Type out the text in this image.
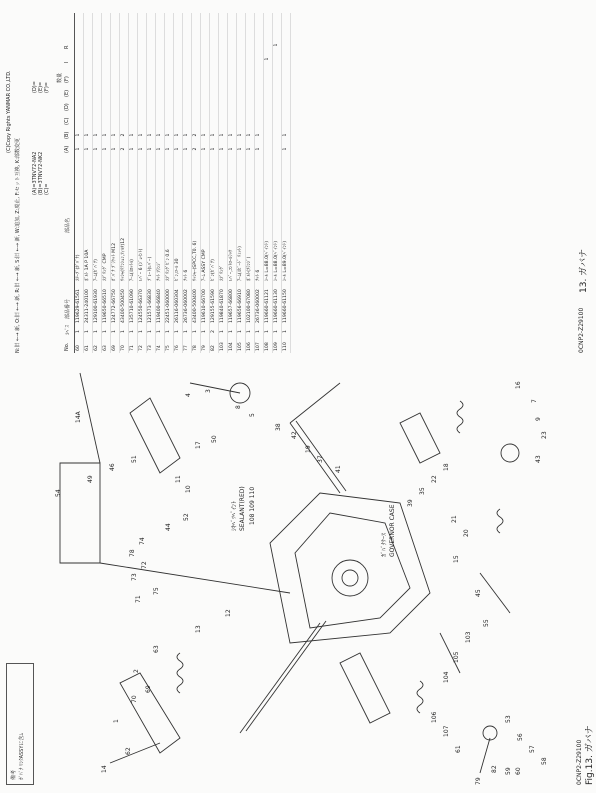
0CNP2-Z29100 Fig.13. ガバナ
0CNP2-Z29100
13. ガバナ
14
62
1
70
69
2
63
13
12
71
75
73
72
78
74
44
52
54
49
46
51
17
50
14A
4
3
8
5
38
42
19
37
41
11
10
39
35
22
18
21
20
15
45
55
103
105
104
106
107
61
53
56
57
58
59 60
79
82
43
23
9
7
16
ｼｷﾍﾞﾂﾍﾟｲﾝﾄ SEALANT(RED) 108 109 110
ｶﾞﾊﾞﾅｹｰｽ GOVERNOR CASE
(A)=3TNV72-NA2 (B)=3TNV72-NK2 (C)=
(D)= (E)= (F)=
No.
ｺﾍﾞｽ
部品番号
部品名
数量
(A)
(B)
(C)
(D)
(E)
(F)
I
R
60
1
119629-61561
ｽﾘｰﾌﾞ(ｶﾞﾊﾞﾅ)
1
1
61
1
24311-240100
ﾎﾞﾙﾄ 1A P 10A
1
1
62
1
129100-61930
ｱｰﾑ(ｶﾞﾊﾞﾅ)
1
1
63
1
119650-66510
ｽﾌﾟﾘﾝｸﾞ CMP
1
1
69
1
124772-66750
ｶﾞﾊﾞﾅ ﾌﾞﾗｹｯﾄ M12
1
1
70
1
43400-500450
ﾜｯｼｬ(ﾘﾃﾝｼｮﾝ,ﾌｨﾙﾀ)12
2
2
71
1
135710-61090
ｱｰﾑ(ｽﾛｯﾄﾙ)
1
1
72
1
124550-66370
ﾚﾊﾞｰ 6 (ｼﾞｮｲﾝﾄ)
1
1
73
1
121571-66830
ﾌﾟﾚｰﾄ(ﾚﾊﾞｰ)
1
1
74
1
119400-66840
ﾅｯﾄ ﾌﾗﾝｼﾞ
1
1
75
1
22451-060000
ｽﾌﾟﾘﾝｸﾞﾋﾟﾝ 0.6
1
1
76
1
26116-060304
ﾋﾟﾝ,ﾛｰﾙ 30
1
1
77
1
26736-060002
ﾅｯﾄ 6
1
1
78
1
43400-500400
ﾜｯｼｬｰ(SPCC,T0. 6)
2
2
79
1
119610-66700
ｱｰﾑ ASSY CMP
1
1
82
2
129155-61590
ﾋﾟﾝ(ｶﾞﾊﾞﾅ)
1
1
103
1
119840-61870
ｽﾌﾟﾘﾝｸﾞ
1
1
104
1
119657-66800
ﾚﾊﾞｰ,ｺﾝﾄﾛｰﾙﾗｯｸ
1
1
105
1
119656-66910
ｱｰﾑ(ｽﾋﾟｰﾄﾞ ﾘﾐｯﾄ)
1
1
106
1
102100-67080
ﾎﾞﾙﾄ(ﾌﾗﾝｼﾞ)
1
1
107
1
26736-060002
ﾅｯﾄ 6
1
1
108
1
119660-61121
ｼｰﾙ L=88.0(ﾍﾞｲﾝﾄ)
1
109
1
119660-61130
ｼｰﾙ L=88.0(ﾍﾞｲﾝﾄ)
1
110
1
119660-61150
ｼｰﾙ L=89.0(ﾍﾞｲﾝﾄ)
1
1
N:旧 ←→ 新, O:旧 ←→ 新, R:旧 ←→ 新, S:旧 ←→ 新, W:追加, Z:廃止, F:セット互換, K:部数変更
(C)Copy Rights YANMAR CO.,LTD.
備考 ｶﾞﾊﾞﾅ ﾘﾝｸASSYに含ﾑ
